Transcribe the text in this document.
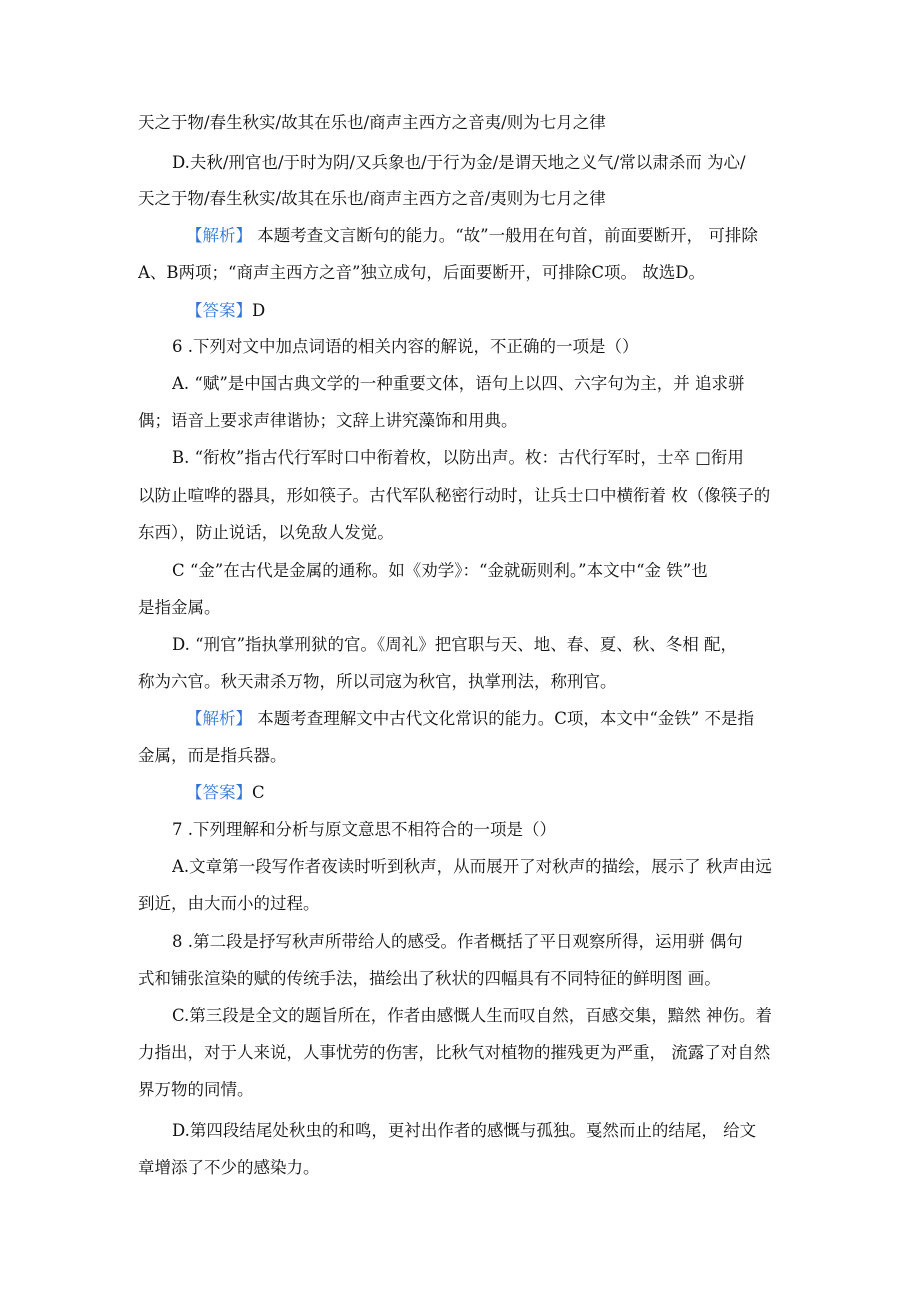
天之于物/春生秋实/故其在乐也/商声主西方之音夷/则为七月之律
D.夫秋/刑官也/于时为阴/又兵象也/于行为金/是谓天地之义气/常以肃杀而 为心/
天之于物/春生秋实/故其在乐也/商声主西方之音/夷则为七月之律
【解析】 本题考查文言断句的能力。“故”一般用在句首，前面要断开， 可排除
A、B两项；“商声主西方之音”独立成句，后面要断开，可排除C项。 故选D。
【答案】D
6 .下列对文中加点词语的相关内容的解说，不正确的一项是（）
A. “赋”是中国古典文学的一种重要文体，语句上以四、六字句为主，并 追求骈
偶；语音上要求声律谐协；文辞上讲究藻饰和用典。
B. “衔枚”指古代行军时口中衔着枚，以防出声。枚：古代行军时，士卒 □衔用
以防止喧哗的器具，形如筷子。古代军队秘密行动时，让兵士口中横衔着 枚（像筷子的
东西），防止说话，以免敌人发觉。
C “金”在古代是金属的通称。如《劝学》：“金就砺则利。”本文中“金 铁”也
是指金属。
D. “刑官”指执掌刑狱的官。《周礼》把官职与天、地、春、夏、秋、冬相 配，
称为六官。秋天肃杀万物，所以司寇为秋官，执掌刑法，称刑官。
【解析】 本题考查理解文中古代文化常识的能力。C项，本文中“金铁” 不是指
金属，而是指兵器。
【答案】C
7 .下列理解和分析与原文意思不相符合的一项是（）
A.文章第一段写作者夜读时听到秋声，从而展开了对秋声的描绘，展示了 秋声由远
到近，由大而小的过程。
8 .第二段是抒写秋声所带给人的感受。作者概括了平日观察所得，运用骈 偶句
式和铺张渲染的赋的传统手法，描绘出了秋状的四幅具有不同特征的鲜明图 画。
C.第三段是全文的题旨所在，作者由感慨人生而叹自然，百感交集，黯然 神伤。着
力指出，对于人来说，人事忧劳的伤害，比秋气对植物的摧残更为严重， 流露了对自然
界万物的同情。
D.第四段结尾处秋虫的和鸣，更衬出作者的感慨与孤独。戛然而止的结尾， 给文
章增添了不少的感染力。
